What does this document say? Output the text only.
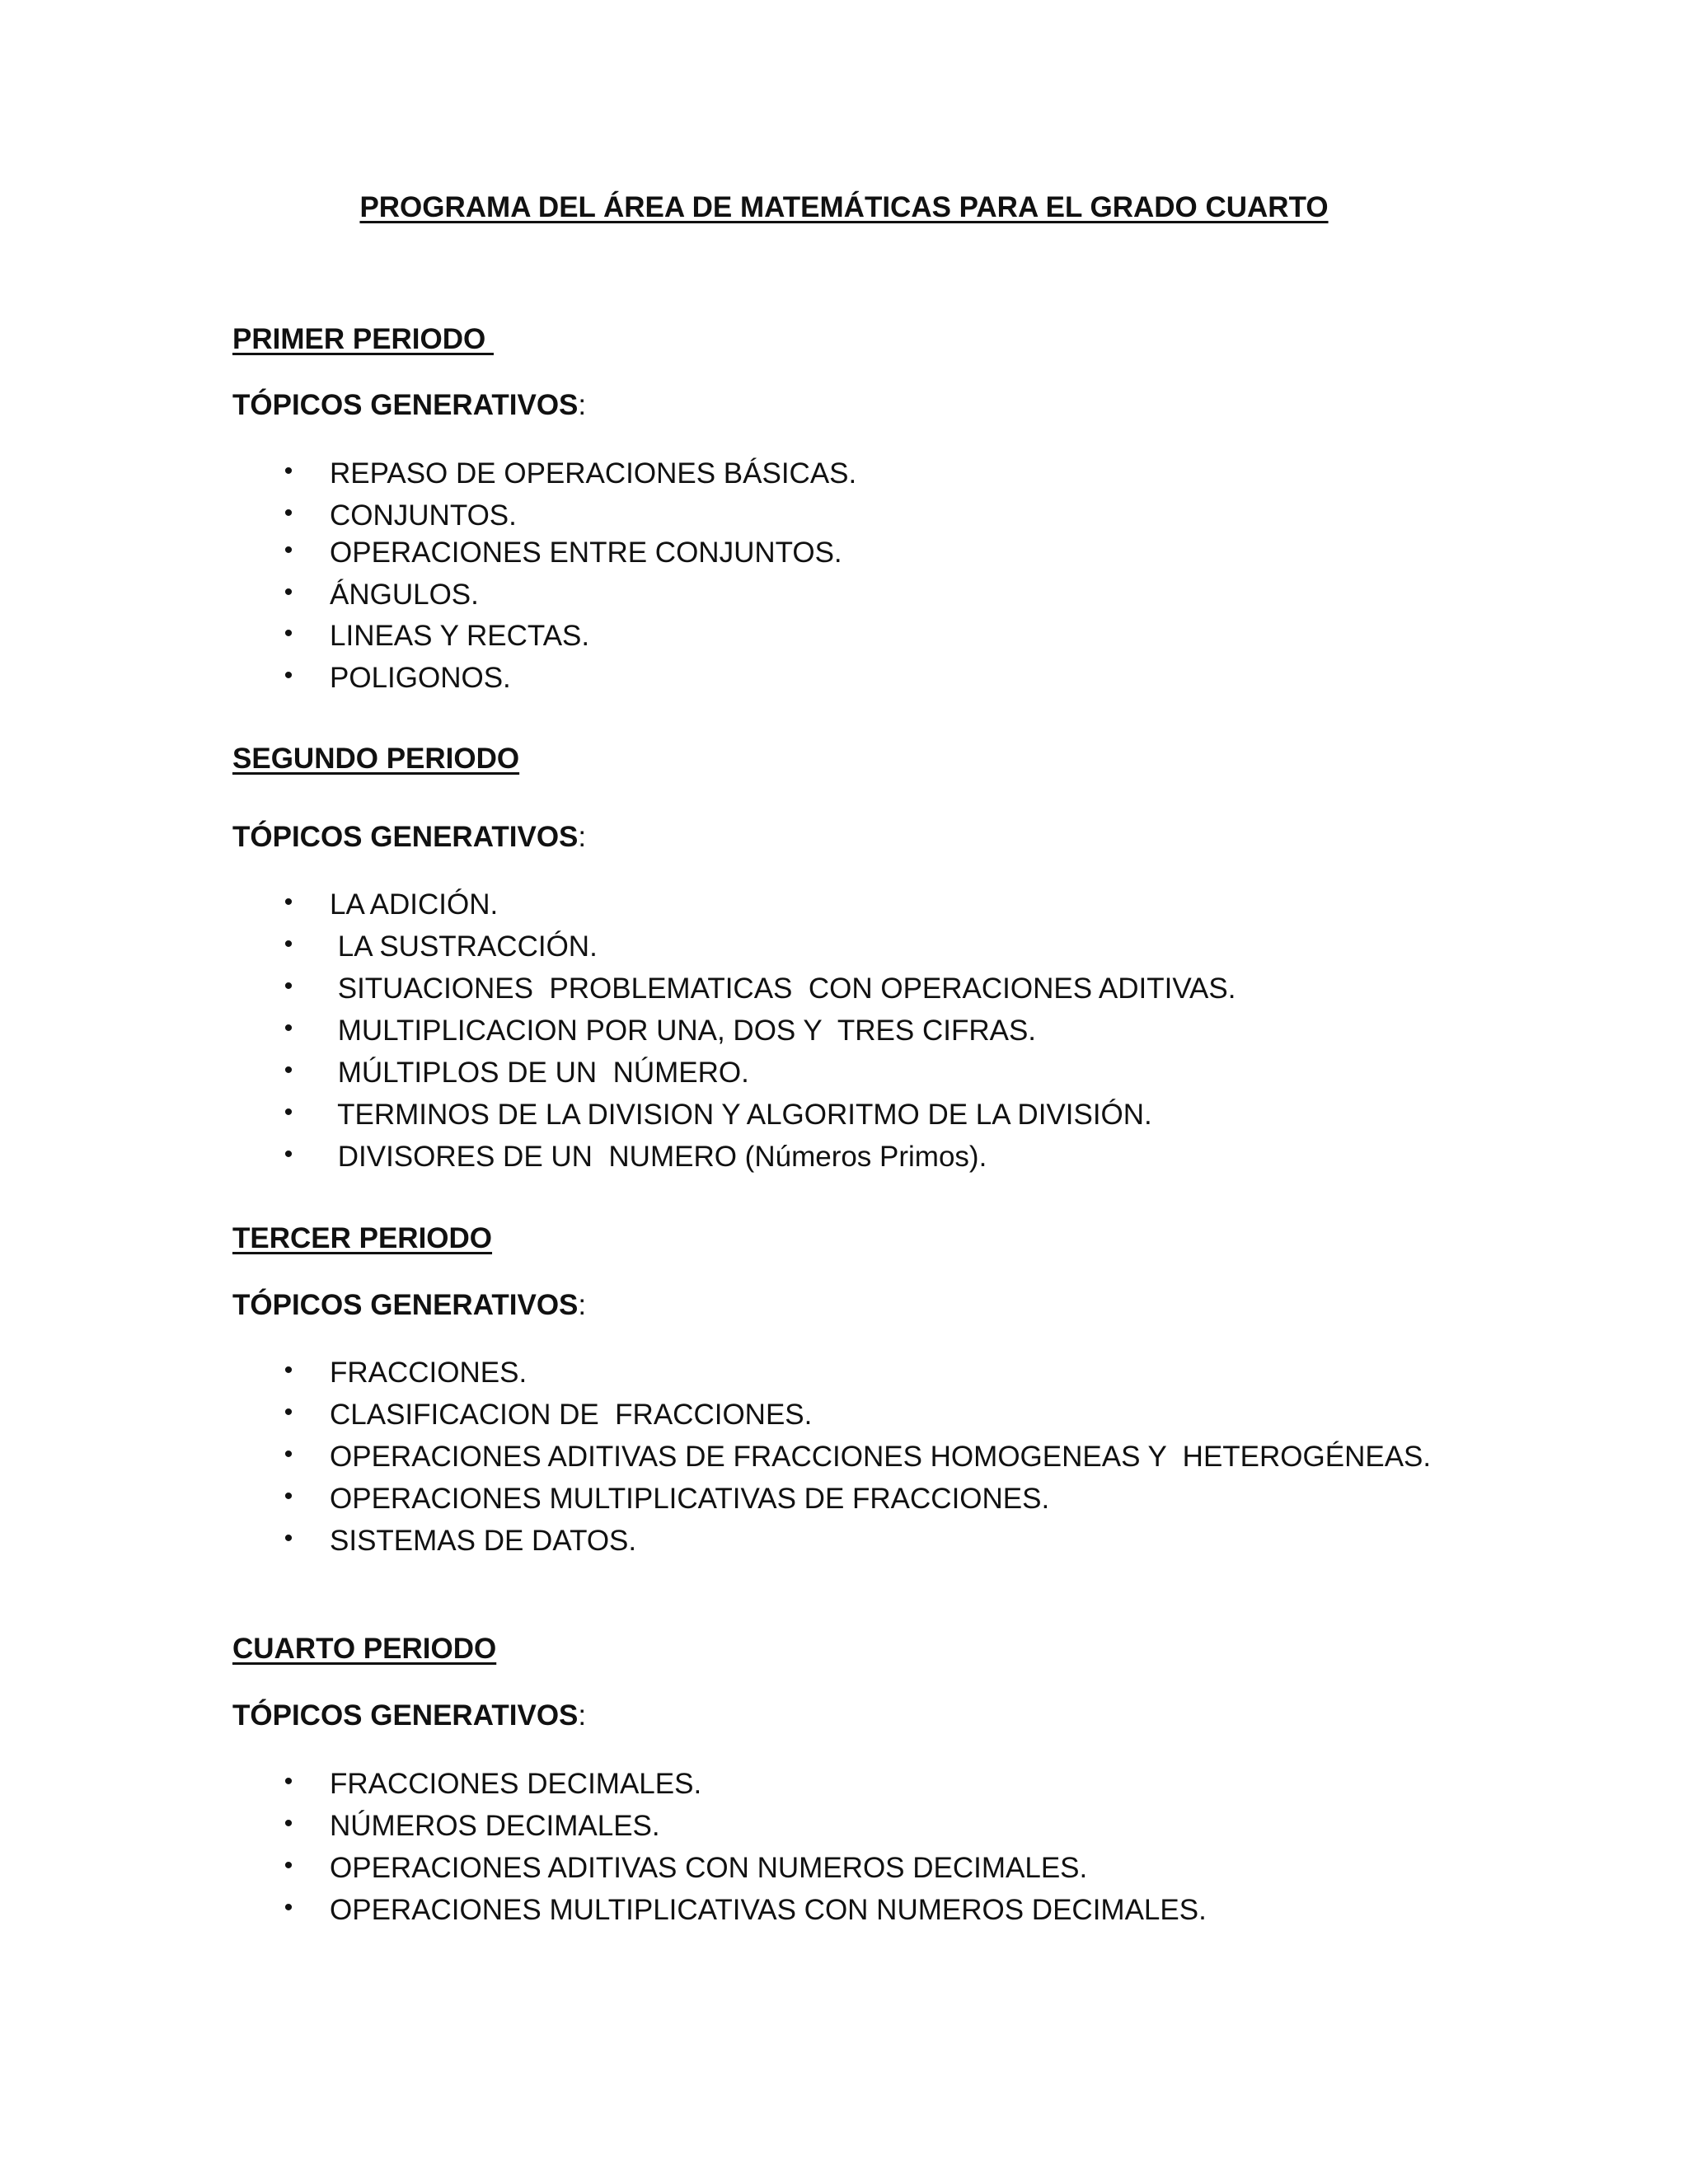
PROGRAMA DEL ÁREA DE MATEMÁTICAS PARA EL GRADO CUARTO
PRIMER PERIODO
TÓPICOS GENERATIVOS:
• REPASO DE OPERACIONES BÁSICAS.
• CONJUNTOS.
• OPERACIONES ENTRE CONJUNTOS.
• ÁNGULOS.
• LINEAS Y RECTAS.
• POLIGONOS.
SEGUNDO PERIODO
TÓPICOS GENERATIVOS:
• LA ADICIÓN.
• LA SUSTRACCIÓN.
• SITUACIONES  PROBLEMATICAS  CON OPERACIONES ADITIVAS.
• MULTIPLICACION POR UNA, DOS Y  TRES CIFRAS.
• MÚLTIPLOS DE UN  NÚMERO.
• TERMINOS DE LA DIVISION Y ALGORITMO DE LA DIVISIÓN.
• DIVISORES DE UN  NUMERO (Números Primos).
TERCER PERIODO
TÓPICOS GENERATIVOS:
• FRACCIONES.
• CLASIFICACION DE  FRACCIONES.
• OPERACIONES ADITIVAS DE FRACCIONES HOMOGENEAS Y  HETEROGÉNEAS.
• OPERACIONES MULTIPLICATIVAS DE FRACCIONES.
• SISTEMAS DE DATOS.
CUARTO PERIODO
TÓPICOS GENERATIVOS:
• FRACCIONES DECIMALES.
• NÚMEROS DECIMALES.
• OPERACIONES ADITIVAS CON NUMEROS DECIMALES.
• OPERACIONES MULTIPLICATIVAS CON NUMEROS DECIMALES.
